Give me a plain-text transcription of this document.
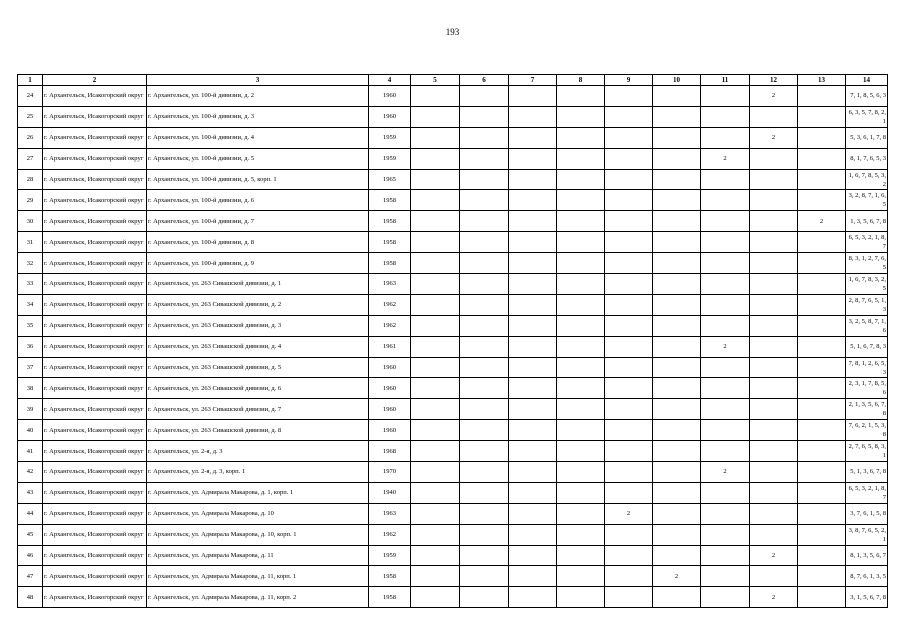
193
1	2	3	4	5	6	7	8	9	10	11	12	13	14
24	г. Архангельск, Исакогорский округ	г. Архангельск, ул. 100-й дивизии, д. 2	1960								2		7, 1, 8, 5, 6, 3
25	г. Архангельск, Исакогорский округ	г. Архангельск, ул. 100-й дивизии, д. 3	1960										6, 3, 5, 7, 8, 2, 1
26	г. Архангельск, Исакогорский округ	г. Архангельск, ул. 100-й дивизии, д. 4	1959								2		5, 3, 6, 1, 7, 8
27	г. Архангельск, Исакогорский округ	г. Архангельск, ул. 100-й дивизии, д. 5	1959							2			8, 1, 7, 6, 5, 3
28	г. Архангельск, Исакогорский округ	г. Архангельск, ул. 100-й дивизии, д. 5, корп. 1	1965										1, 6, 7, 8, 5, 3, 2
29	г. Архангельск, Исакогорский округ	г. Архангельск, ул. 100-й дивизии, д. 6	1958										3, 2, 8, 7, 1, 6, 5
30	г. Архангельск, Исакогорский округ	г. Архангельск, ул. 100-й дивизии, д. 7	1958									2	1, 3, 5, 6, 7, 8
31	г. Архангельск, Исакогорский округ	г. Архангельск, ул. 100-й дивизии, д. 8	1958										6, 5, 3, 2, 1, 8, 7
32	г. Архангельск, Исакогорский округ	г. Архангельск, ул. 100-й дивизии, д. 9	1958										8, 3, 1, 2, 7, 6, 5
33	г. Архангельск, Исакогорский округ	г. Архангельск, ул. 263 Сивашской дивизии, д. 1	1963										1, 6, 7, 8, 3, 2, 5
34	г. Архангельск, Исакогорский округ	г. Архангельск, ул. 263 Сивашской дивизии, д. 2	1962										2, 8, 7, 6, 5, 1, 3
35	г. Архангельск, Исакогорский округ	г. Архангельск, ул. 263 Сивашской дивизии, д. 3	1962										3, 2, 5, 8, 7, 1, 6
36	г. Архангельск, Исакогорский округ	г. Архангельск, ул. 263 Сивашской дивизии, д. 4	1961							2			5, 1, 6, 7, 8, 3
37	г. Архангельск, Исакогорский округ	г. Архангельск, ул. 263 Сивашской дивизии, д. 5	1960										7, 8, 1, 2, 6, 5, 3
38	г. Архангельск, Исакогорский округ	г. Архангельск, ул. 263 Сивашской дивизии, д. 6	1960										2, 3, 1, 7, 8, 5, 6
39	г. Архангельск, Исакогорский округ	г. Архангельск, ул. 263 Сивашской дивизии, д. 7	1960										2, 1, 3, 5, 6, 7, 8
40	г. Архангельск, Исакогорский округ	г. Архангельск, ул. 263 Сивашской дивизии, д. 8	1960										7, 6, 2, 1, 5, 3, 8
41	г. Архангельск, Исакогорский округ	г. Архангельск, ул. 2-я, д. 3	1968										2, 7, 6, 5, 8, 3, 1
42	г. Архангельск, Исакогорский округ	г. Архангельск, ул. 2-я, д. 3, корп. 1	1970							2			5, 1, 3, 6, 7, 8
43	г. Архангельск, Исакогорский округ	г. Архангельск, ул. Адмирала Макарова, д. 1, корп. 1	1940										6, 5, 3, 2, 1, 8, 7
44	г. Архангельск, Исакогорский округ	г. Архангельск, ул. Адмирала Макарова, д. 10	1963					2					3, 7, 6, 1, 5, 8
45	г. Архангельск, Исакогорский округ	г. Архангельск, ул. Адмирала Макарова, д. 10, корп. 1	1962										3, 8, 7, 6, 5, 2, 1
46	г. Архангельск, Исакогорский округ	г. Архангельск, ул. Адмирала Макарова, д. 11	1959								2		8, 1, 3, 5, 6, 7
47	г. Архангельск, Исакогорский округ	г. Архангельск, ул. Адмирала Макарова, д. 11, корп. 1	1958						2				8, 7, 6, 1, 3, 5
48	г. Архангельск, Исакогорский округ	г. Архангельск, ул. Адмирала Макарова, д. 11, корп. 2	1958								2		3, 1, 5, 6, 7, 8
